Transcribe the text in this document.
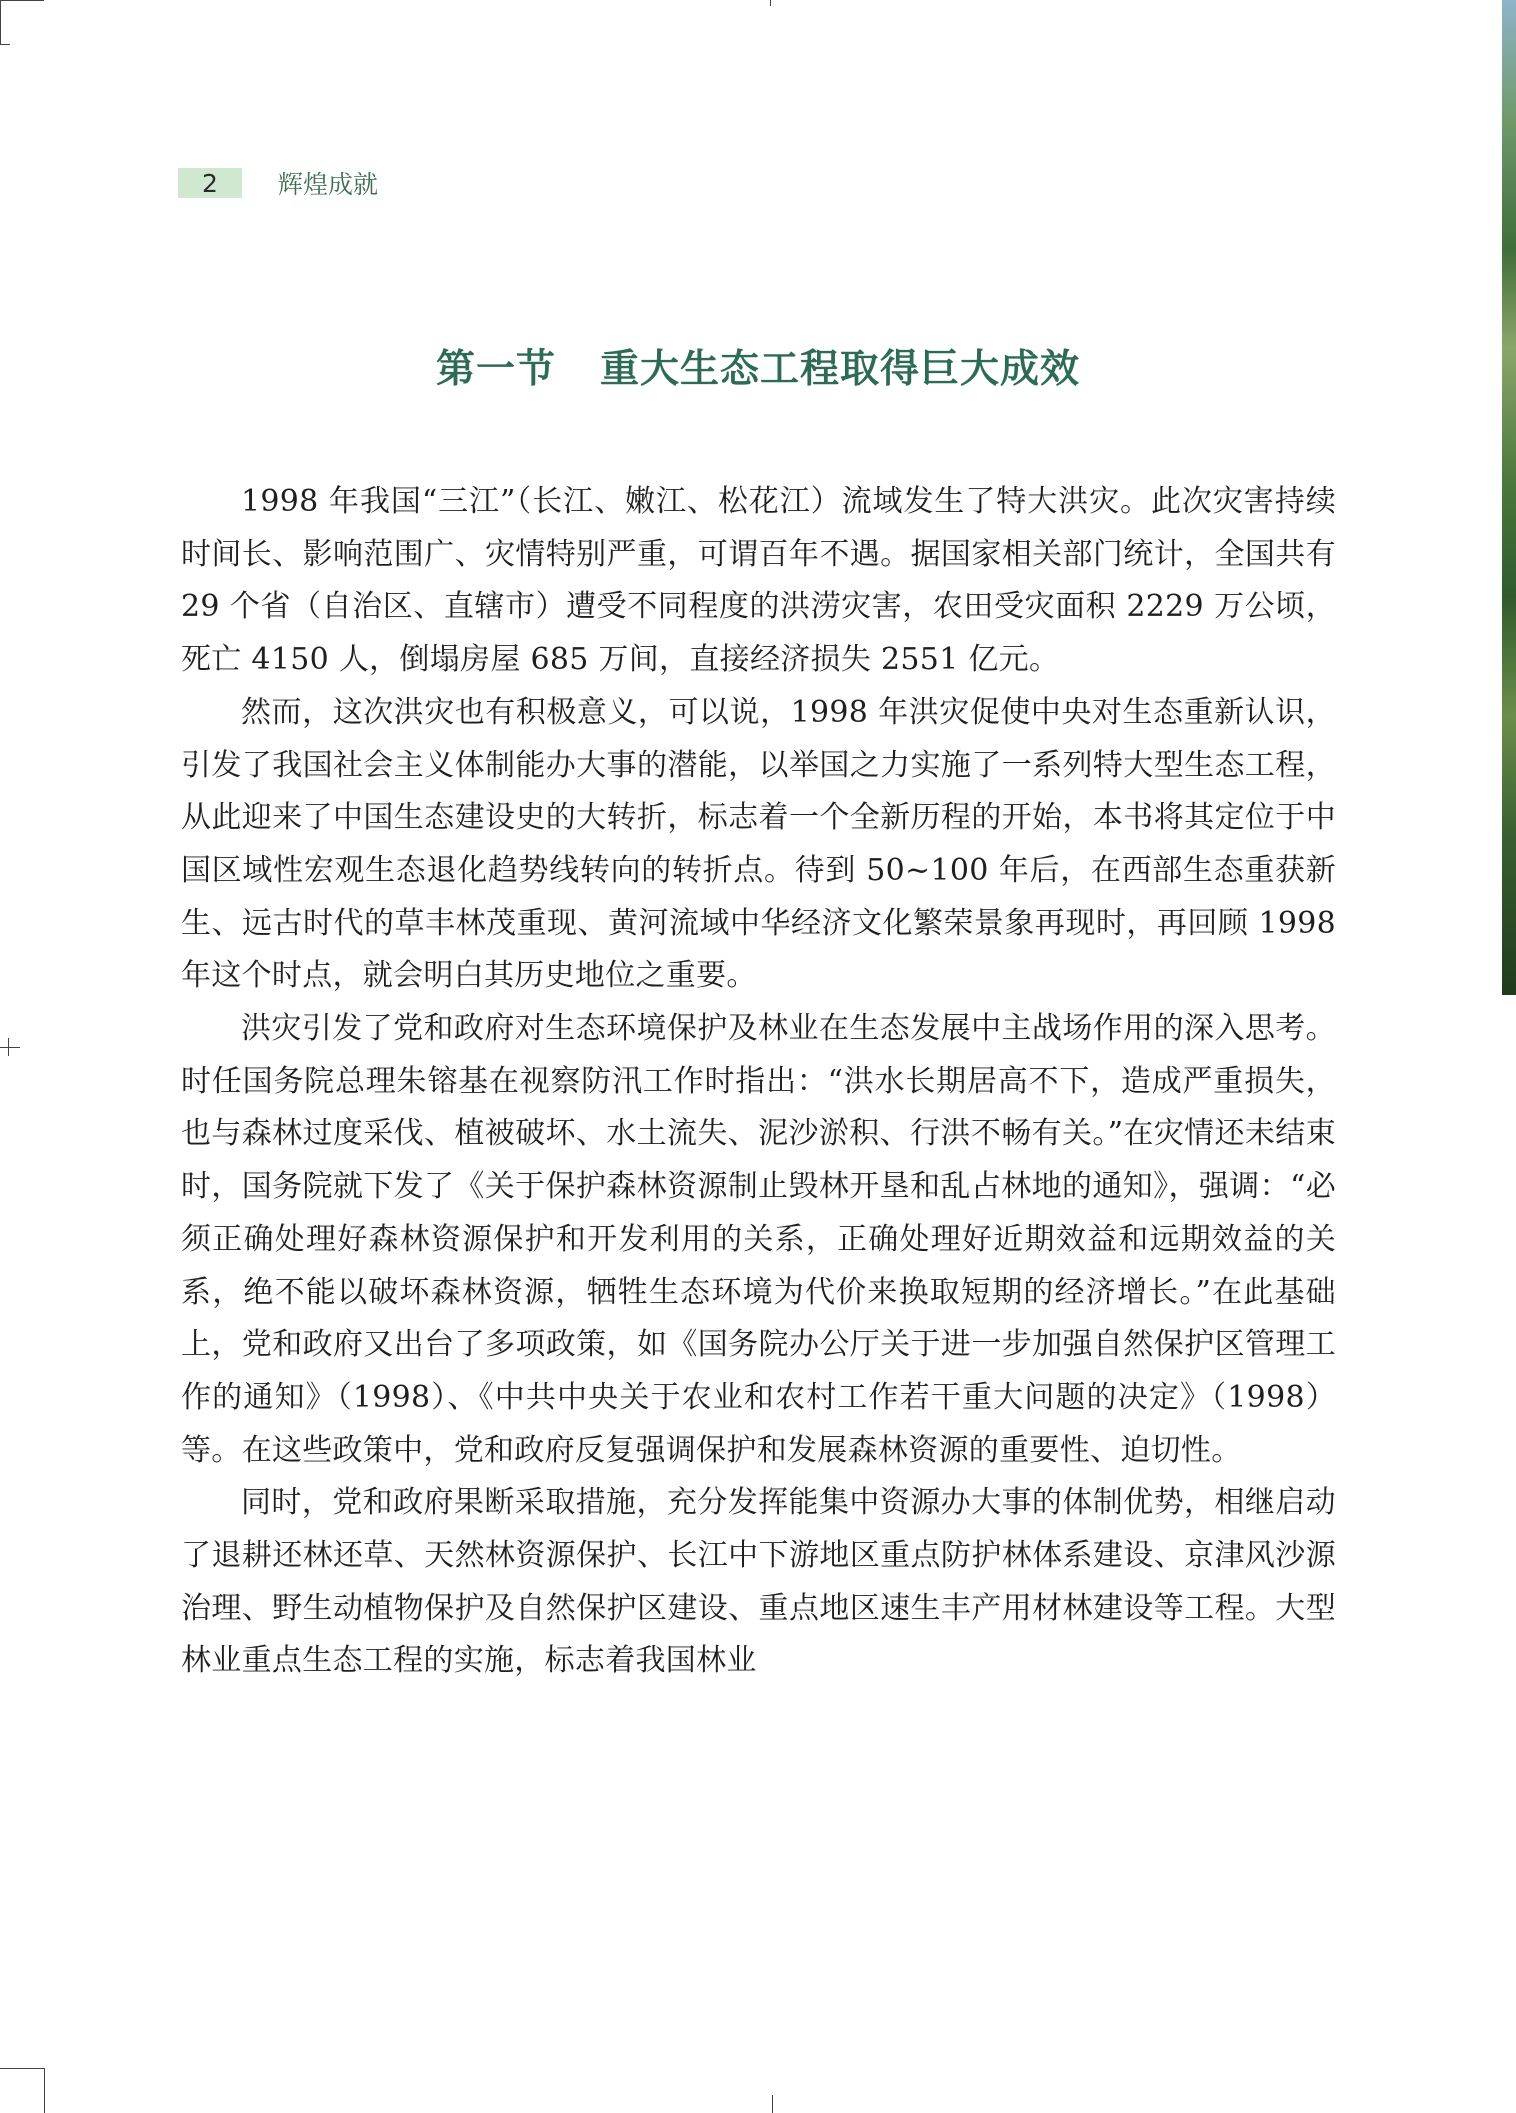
2	辉煌成就
第一节 重大生态工程取得巨大成效

1998 年我国“三江”（长江、嫩江、松花江）流域发生了特大洪灾。此次灾害持续时间长、影响范围广、灾情特别严重，可谓百年不遇。据国家相关部门统计，全国共有 29 个省（自治区、直辖市）遭受不同程度的洪涝灾害，农田受灾面积 2229 万公顷，死亡 4150 人，倒塌房屋 685 万间，直接经济损失 2551 亿元。

然而，这次洪灾也有积极意义，可以说，1998 年洪灾促使中央对生态重新认识，引发了我国社会主义体制能办大事的潜能，以举国之力实施了一系列特大型生态工程，从此迎来了中国生态建设史的大转折，标志着一个全新历程的开始，本书将其定位于中国区域性宏观生态退化趋势线转向的转折点。待到 50~100 年后，在西部生态重获新生、远古时代的草丰林茂重现、黄河流域中华经济文化繁荣景象再现时，再回顾 1998 年这个时点，就会明白其历史地位之重要。

洪灾引发了党和政府对生态环境保护及林业在生态发展中主战场作用的深入思考。时任国务院总理朱镕基在视察防汛工作时指出：“洪水长期居高不下，造成严重损失，也与森林过度采伐、植被破坏、水土流失、泥沙淤积、行洪不畅有关。”在灾情还未结束时，国务院就下发了《关于保护森林资源制止毁林开垦和乱占林地的通知》，强调：“必须正确处理好森林资源保护和开发利用的关系，正确处理好近期效益和远期效益的关系，绝不能以破坏森林资源，牺牲生态环境为代价来换取短期的经济增长。”在此基础上，党和政府又出台了多项政策，如《国务院办公厅关于进一步加强自然保护区管理工作的通知》（1998）、《中共中央关于农业和农村工作若干重大问题的决定》（1998）等。在这些政策中，党和政府反复强调保护和发展森林资源的重要性、迫切性。

同时，党和政府果断采取措施，充分发挥能集中资源办大事的体制优势，相继启动了退耕还林还草、天然林资源保护、长江中下游地区重点防护林体系建设、京津风沙源治理、野生动植物保护及自然保护区建设、重点地区速生丰产用材林建设等工程。大型林业重点生态工程的实施，标志着我国林业
